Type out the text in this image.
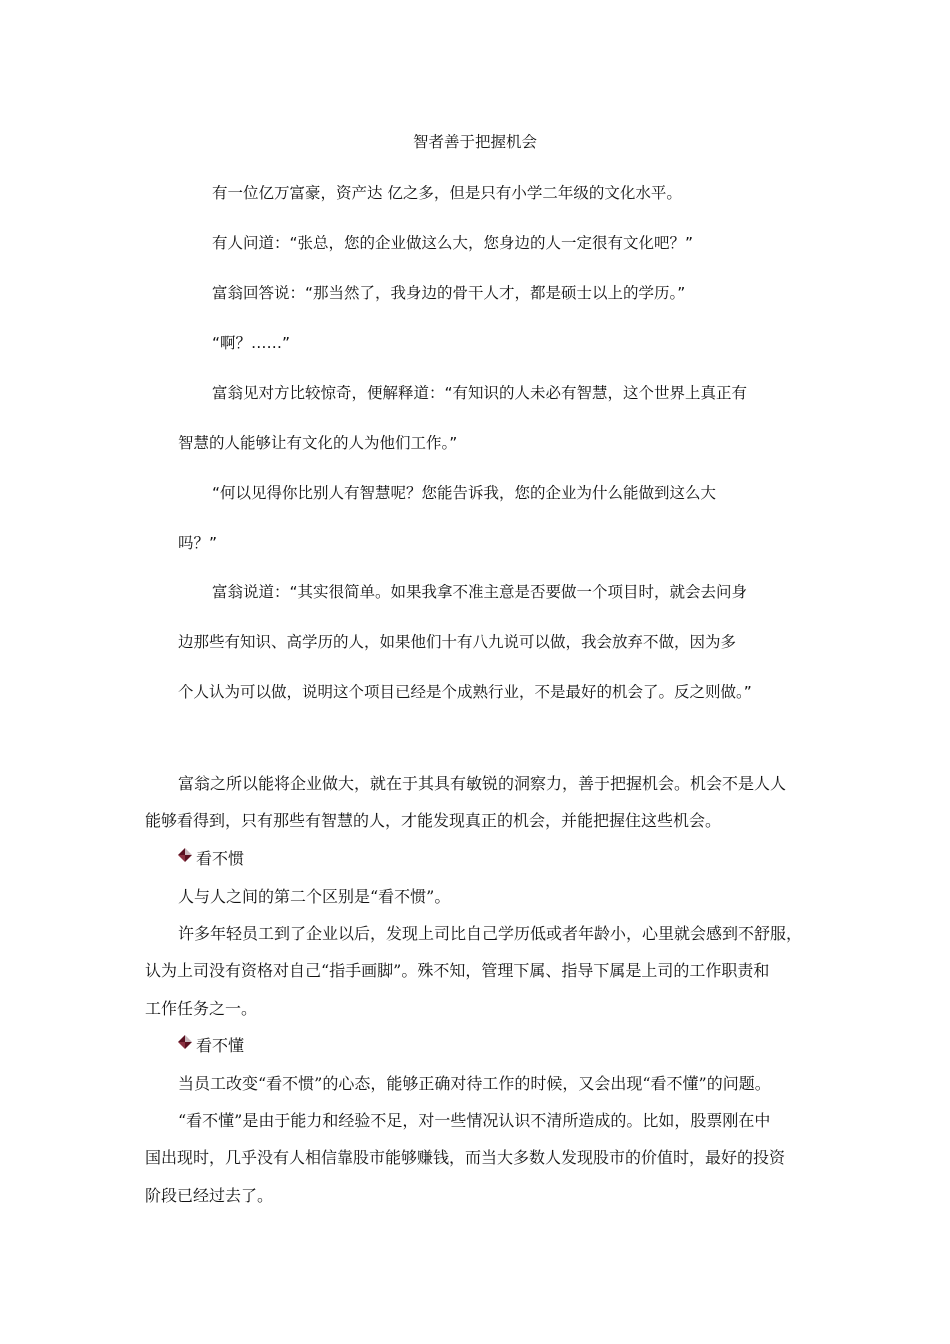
智者善于把握机会
有一位亿万富豪，资产达 亿之多，但是只有小学二年级的文化水平。
有人问道：“张总，您的企业做这么大，您身边的人一定很有文化吧？”
富翁回答说：“那当然了，我身边的骨干人才，都是硕士以上的学历。”
“啊？……”
富翁见对方比较惊奇，便解释道：“有知识的人未必有智慧，这个世界上真正有
智慧的人能够让有文化的人为他们工作。”
“何以见得你比别人有智慧呢？您能告诉我，您的企业为什么能做到这么大
吗？”
富翁说道：“其实很简单。如果我拿不准主意是否要做一个项目时，就会去问身
边那些有知识、高学历的人，如果他们十有八九说可以做，我会放弃不做，因为多
个人认为可以做，说明这个项目已经是个成熟行业，不是最好的机会了。反之则做。”
富翁之所以能将企业做大，就在于其具有敏锐的洞察力，善于把握机会。机会不是人人
能够看得到，只有那些有智慧的人，才能发现真正的机会，并能把握住这些机会。
看不惯
人与人之间的第二个区别是“看不惯”。
许多年轻员工到了企业以后，发现上司比自己学历低或者年龄小，心里就会感到不舒服，
认为上司没有资格对自己“指手画脚”。殊不知，管理下属、指导下属是上司的工作职责和
工作任务之一。
看不懂
当员工改变“看不惯”的心态，能够正确对待工作的时候，又会出现“看不懂”的问题。
“看不懂”是由于能力和经验不足，对一些情况认识不清所造成的。比如，股票刚在中
国出现时，几乎没有人相信靠股市能够赚钱，而当大多数人发现股市的价值时，最好的投资
阶段已经过去了。
